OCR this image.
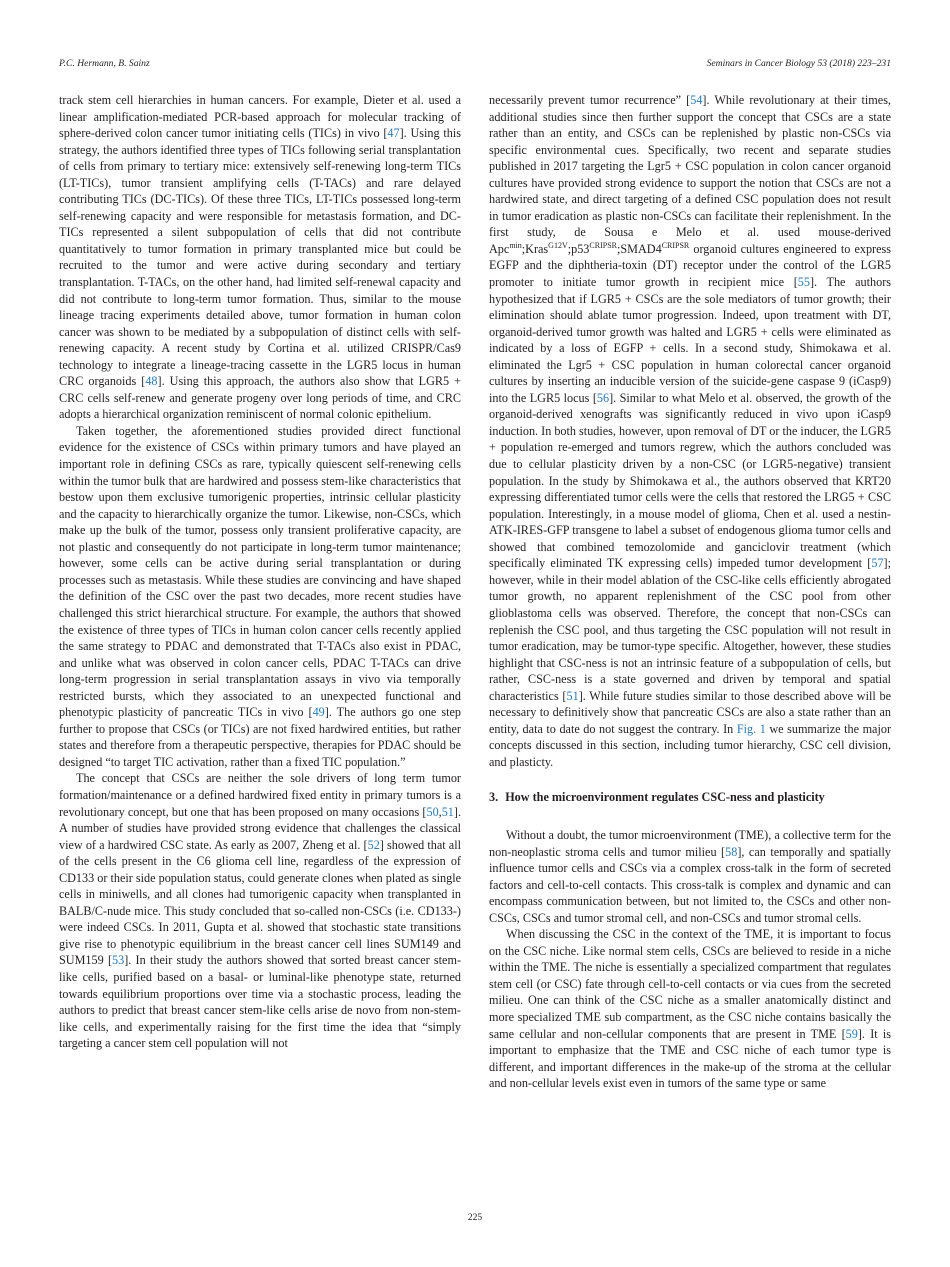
P.C. Hermann, B. Sainz	Seminars in Cancer Biology 53 (2018) 223–231

track stem cell hierarchies in human cancers. For example, Dieter et al. used a linear amplification-mediated PCR-based approach for molecular tracking of sphere-derived colon cancer tumor initiating cells (TICs) in vivo [47]. Using this strategy, the authors identified three types of TICs following serial transplantation of cells from primary to tertiary mice: extensively self-renewing long-term TICs (LT-TICs), tumor transient amplifying cells (T-TACs) and rare delayed contributing TICs (DC-TICs). Of these three TICs, LT-TICs possessed long-term self-renewing capacity and were responsible for metastasis formation, and DC-TICs represented a silent subpopulation of cells that did not contribute quantitatively to tumor formation in primary transplanted mice but could be recruited to the tumor and were active during secondary and tertiary transplantation. T-TACs, on the other hand, had limited self-renewal capacity and did not contribute to long-term tumor formation. Thus, similar to the mouse lineage tracing experiments detailed above, tumor formation in human colon cancer was shown to be mediated by a subpopulation of distinct cells with self-renewing capacity. A recent study by Cortina et al. utilized CRISPR/Cas9 technology to integrate a lineage-tracing cassette in the LGR5 locus in human CRC organoids [48]. Using this approach, the authors also show that LGR5 + CRC cells self-renew and generate progeny over long periods of time, and CRC adopts a hierarchical organization reminiscent of normal colonic epithelium.

Taken together, the aforementioned studies provided direct functional evidence for the existence of CSCs within primary tumors and have played an important role in defining CSCs as rare, typically quiescent self-renewing cells within the tumor bulk that are hardwired and possess stem-like characteristics that bestow upon them exclusive tumorigenic properties, intrinsic cellular plasticity and the capacity to hierarchically organize the tumor. Likewise, non-CSCs, which make up the bulk of the tumor, possess only transient proliferative capacity, are not plastic and consequently do not participate in long-term tumor maintenance; however, some cells can be active during serial transplantation or during processes such as metastasis. While these studies are convincing and have shaped the definition of the CSC over the past two decades, more recent studies have challenged this strict hierarchical structure. For example, the authors that showed the existence of three types of TICs in human colon cancer cells recently applied the same strategy to PDAC and demonstrated that T-TACs also exist in PDAC, and unlike what was observed in colon cancer cells, PDAC T-TACs can drive long-term progression in serial transplantation assays in vivo via temporally restricted bursts, which they associated to an unexpected functional and phenotypic plasticity of pancreatic TICs in vivo [49]. The authors go one step further to propose that CSCs (or TICs) are not fixed hardwired entities, but rather states and therefore from a therapeutic perspective, therapies for PDAC should be designed “to target TIC activation, rather than a fixed TIC population.”

The concept that CSCs are neither the sole drivers of long term tumor formation/maintenance or a defined hardwired fixed entity in primary tumors is a revolutionary concept, but one that has been proposed on many occasions [50,51]. A number of studies have provided strong evidence that challenges the classical view of a hardwired CSC state. As early as 2007, Zheng et al. [52] showed that all of the cells present in the C6 glioma cell line, regardless of the expression of CD133 or their side population status, could generate clones when plated as single cells in miniwells, and all clones had tumorigenic capacity when transplanted in BALB/C-nude mice. This study concluded that so-called non-CSCs (i.e. CD133-) were indeed CSCs. In 2011, Gupta et al. showed that stochastic state transitions give rise to phenotypic equilibrium in the breast cancer cell lines SUM149 and SUM159 [53]. In their study the authors showed that sorted breast cancer stem-like cells, purified based on a basal- or luminal-like phenotype state, returned towards equilibrium proportions over time via a stochastic process, leading the authors to predict that breast cancer stem-like cells arise de novo from non-stem-like cells, and experimentally raising for the first time the idea that “simply targeting a cancer stem cell population will not

necessarily prevent tumor recurrence” [54]. While revolutionary at their times, additional studies since then further support the concept that CSCs are a state rather than an entity, and CSCs can be replenished by plastic non-CSCs via specific environmental cues. Specifically, two recent and separate studies published in 2017 targeting the Lgr5 + CSC population in colon cancer organoid cultures have provided strong evidence to support the notion that CSCs are not a hardwired state, and direct targeting of a defined CSC population does not result in tumor eradication as plastic non-CSCs can facilitate their replenishment. In the first study, de Sousa e Melo et al. used mouse-derived $Apc^{min};Kras^{G12V};p53^{CRIPSR};SMAD4^{CRIPSR}$ organoid cultures engineered to express EGFP and the diphtheria-toxin (DT) receptor under the control of the LGR5 promoter to initiate tumor growth in recipient mice [55]. The authors hypothesized that if LGR5 + CSCs are the sole mediators of tumor growth; their elimination should ablate tumor progression. Indeed, upon treatment with DT, organoid-derived tumor growth was halted and LGR5 + cells were eliminated as indicated by a loss of EGFP + cells. In a second study, Shimokawa et al. eliminated the Lgr5 + CSC population in human colorectal cancer organoid cultures by inserting an inducible version of the suicide-gene caspase 9 (iCasp9) into the LGR5 locus [56]. Similar to what Melo et al. observed, the growth of the organoid-derived xenografts was significantly reduced in vivo upon iCasp9 induction. In both studies, however, upon removal of DT or the inducer, the LGR5 + population re-emerged and tumors regrew, which the authors concluded was due to cellular plasticity driven by a non-CSC (or LGR5-negative) transient population. In the study by Shimokawa et al., the authors observed that KRT20 expressing differentiated tumor cells were the cells that restored the LRG5 + CSC population. Interestingly, in a mouse model of glioma, Chen et al. used a nestin-ATK-IRES-GFP transgene to label a subset of endogenous glioma tumor cells and showed that combined temozolomide and ganciclovir treatment (which specifically eliminated TK expressing cells) impeded tumor development [57]; however, while in their model ablation of the CSC-like cells efficiently abrogated tumor growth, no apparent replenishment of the CSC pool from other glioblastoma cells was observed. Therefore, the concept that non-CSCs can replenish the CSC pool, and thus targeting the CSC population will not result in tumor eradication, may be tumor-type specific. Altogether, however, these studies highlight that CSC-ness is not an intrinsic feature of a subpopulation of cells, but rather, CSC-ness is a state governed and driven by temporal and spatial characteristics [51]. While future studies similar to those described above will be necessary to definitively show that pancreatic CSCs are also a state rather than an entity, data to date do not suggest the contrary. In Fig. 1 we summarize the major concepts discussed in this section, including tumor hierarchy, CSC cell division, and plasticty.

3. How the microenvironment regulates CSC-ness and plasticity

Without a doubt, the tumor microenvironment (TME), a collective term for the non-neoplastic stroma cells and tumor milieu [58], can temporally and spatially influence tumor cells and CSCs via a complex cross-talk in the form of secreted factors and cell-to-cell contacts. This cross-talk is complex and dynamic and can encompass communication between, but not limited to, the CSCs and other non-CSCs, CSCs and tumor stromal cell, and non-CSCs and tumor stromal cells.

When discussing the CSC in the context of the TME, it is important to focus on the CSC niche. Like normal stem cells, CSCs are believed to reside in a niche within the TME. The niche is essentially a specialized compartment that regulates stem cell (or CSC) fate through cell-to-cell contacts or via cues from the secreted milieu. One can think of the CSC niche as a smaller anatomically distinct and more specialized TME sub compartment, as the CSC niche contains basically the same cellular and non-cellular components that are present in TME [59]. It is important to emphasize that the TME and CSC niche of each tumor type is different, and important differences in the make-up of the stroma at the cellular and non-cellular levels exist even in tumors of the same type or same

225
